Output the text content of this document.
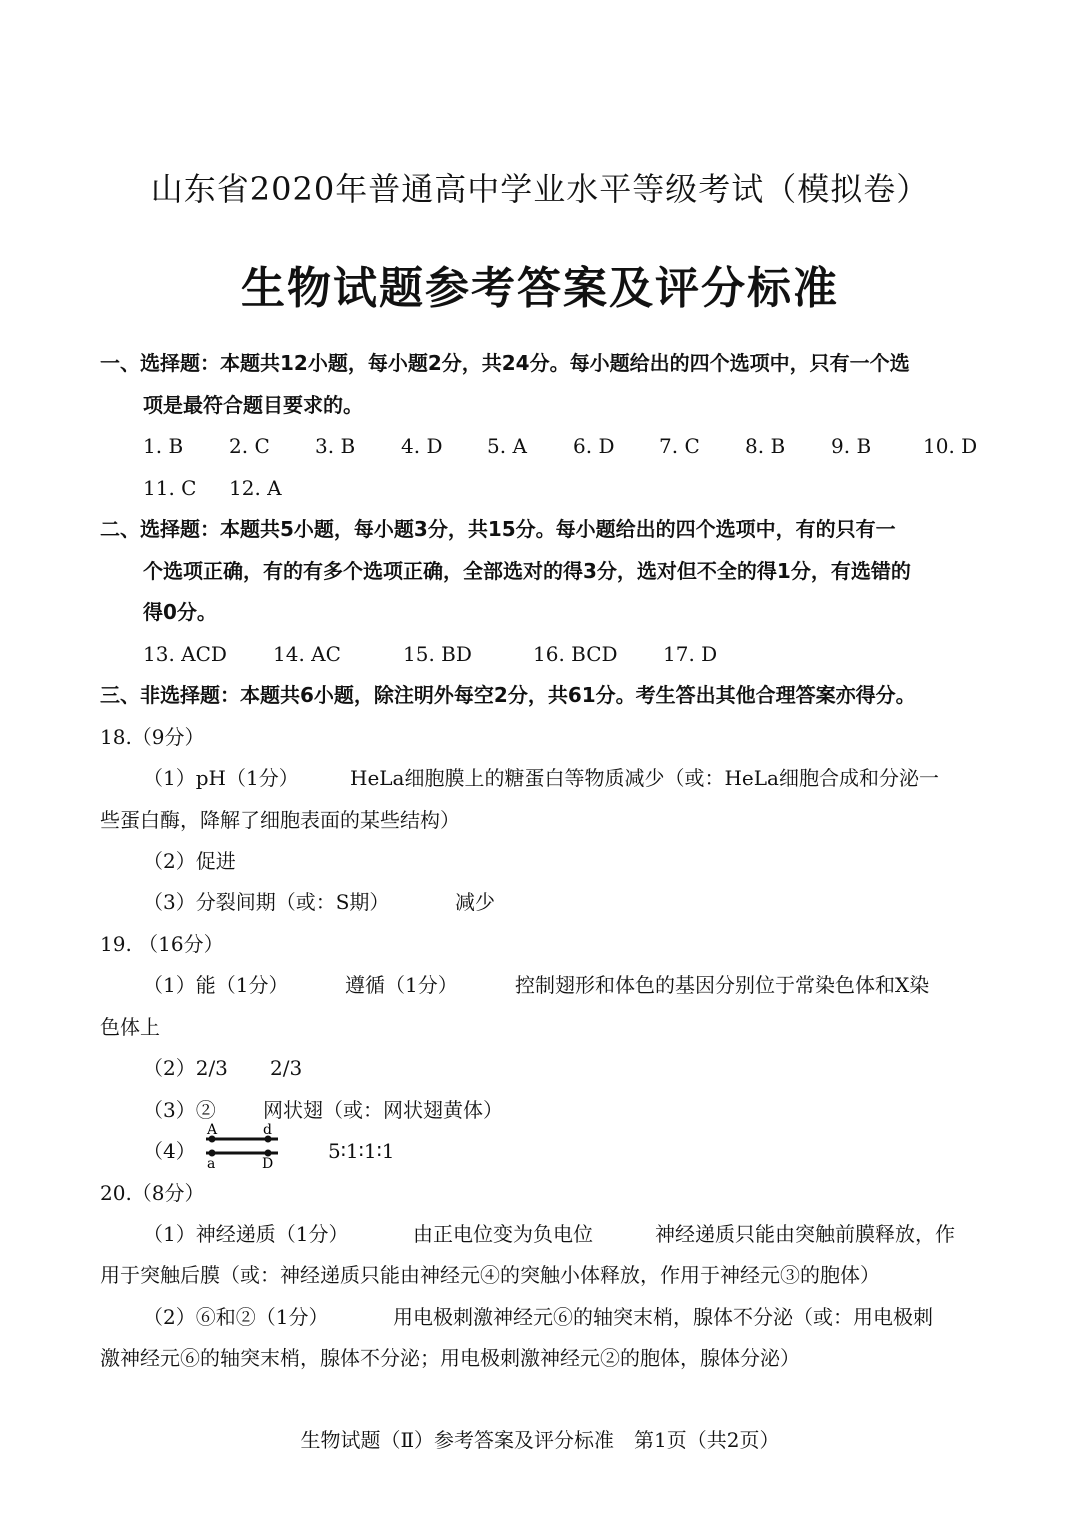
山东省2020年普通高中学业水平等级考试（模拟卷）
生物试题参考答案及评分标准
一、选择题：本题共12小题，每小题2分，共24分。每小题给出的四个选项中，只有一个选
项是最符合题目要求的。
1. B 2. C 3. B 4. D 5. A 6. D 7. C 8. B 9. B	10. D
11. C 12. A
二、选择题：本题共5小题，每小题3分，共15分。每小题给出的四个选项中，有的只有一
个选项正确，有的有多个选项正确，全部选对的得3分，选对但不全的得1分，有选错的
得0分。
13. ACD 14. AC	15. BD	16. BCD 17. D
三、非选择题：本题共6小题，除注明外每空2分，共61分。考生答出其他合理答案亦得分。
18.（9分）
（1）pH（1分）	HeLa细胞膜上的糖蛋白等物质减少（或：HeLa细胞合成和分泌一
些蛋白酶，降解了细胞表面的某些结构）
（2）促进
（3）分裂间期（或：S期）	减少
19. （16分）
（1）能（1分）	遵循（1分）	控制翅形和体色的基因分别位于常染色体和X染
色体上
（2）2/3 2/3
（3）② 网状翅（或：网状翅黄体）
（4）
A	d
a	D
5∶1∶1∶1
20.（8分）
（1）神经递质（1分）	由正电位变为负电位	神经递质只能由突触前膜释放，作
用于突触后膜（或：神经递质只能由神经元④的突触小体释放，作用于神经元③的胞体）
（2）⑥和②（1分）	用电极刺激神经元⑥的轴突末梢，腺体不分泌（或：用电极刺
激神经元⑥的轴突末梢，腺体不分泌；用电极刺激神经元②的胞体，腺体分泌）
生物试题（Ⅱ）参考答案及评分标准　第1页（共2页）
